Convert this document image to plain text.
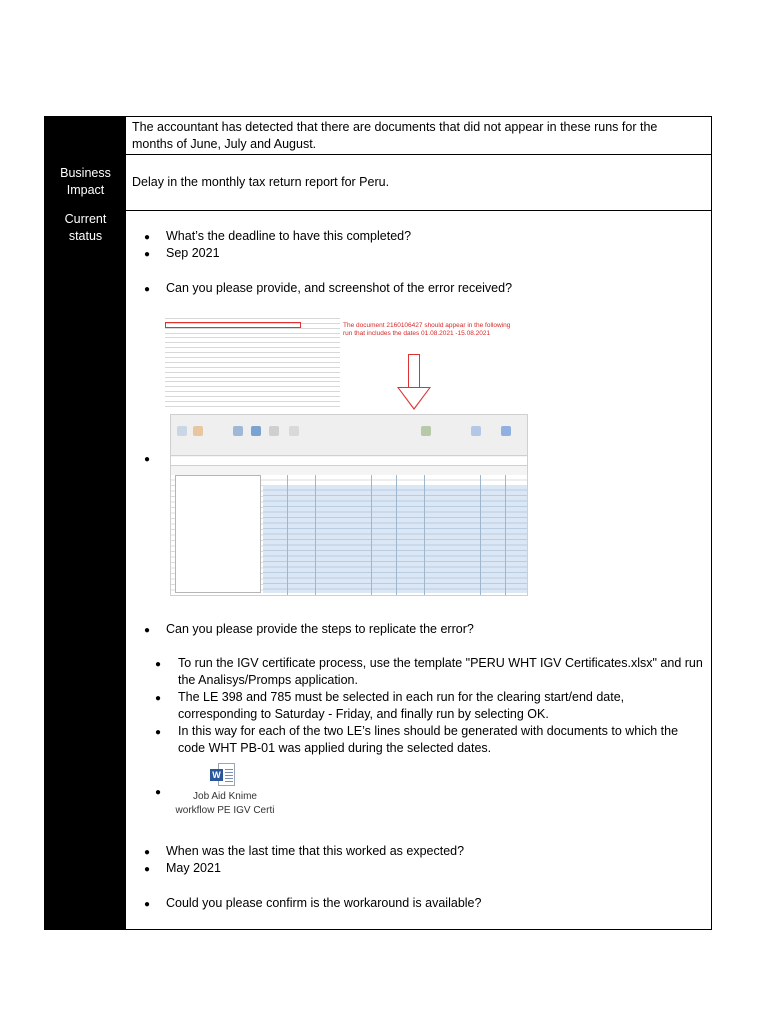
The accountant has detected that there are documents that did not appear in these runs for the
months of June, July and August.
Business
Impact
Delay in the monthly tax return report for Peru.
Current
status	● What’s the deadline to have this completed?
● Sep 2021
● Can you please provide, and screenshot of the error received?
The document 2160106427 should appear in the following
run that includes the dates 01.08.2021 -15.08.2021
●
● Can you please provide the steps to replicate the error?
● To run the IGV certificate process, use the template "PERU WHT IGV Certificates.xlsx" and run
the Analisys/Promps application.
● The LE 398 and 785 must be selected in each run for the clearing start/end date,
corresponding to Saturday - Friday, and finally run by selecting OK.
● In this way for each of the two LE’s lines should be generated with documents to which the
code WHT PB-01 was applied during the selected dates.
●
W
Job Aid Knime
workflow PE IGV Certi
● When was the last time that this worked as expected?
● May 2021
● Could you please confirm is the workaround is available?
